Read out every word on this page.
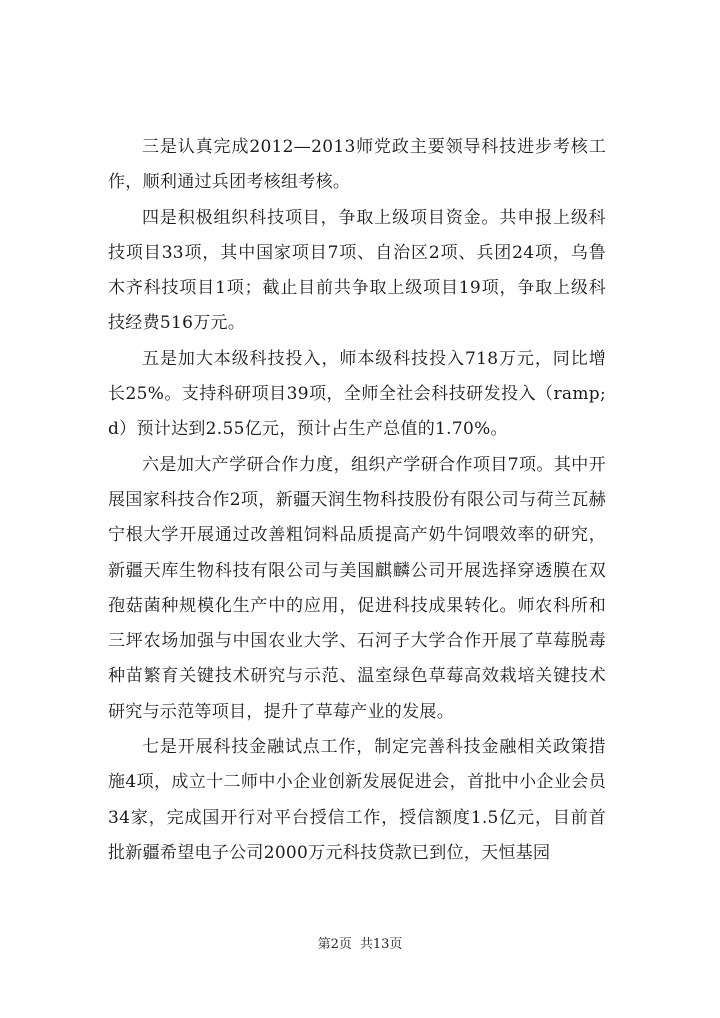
三是认真完成2012—2013师党政主要领导科技进步考核工作，顺利通过兵团考核组考核。

四是积极组织科技项目，争取上级项目资金。共申报上级科技项目33项，其中国家项目7项、自治区2项、兵团24项，乌鲁木齐科技项目1项；截止目前共争取上级项目19项，争取上级科技经费516万元。

五是加大本级科技投入，师本级科技投入718万元，同比增长25%。支持科研项目39项，全师全社会科技研发投入（ramp;d）预计达到2.55亿元，预计占生产总值的1.70%。

六是加大产学研合作力度，组织产学研合作项目7项。其中开展国家科技合作2项，新疆天润生物科技股份有限公司与荷兰瓦赫宁根大学开展通过改善粗饲料品质提高产奶牛饲喂效率的研究，新疆天库生物科技有限公司与美国麒麟公司开展选择穿透膜在双孢菇菌种规模化生产中的应用，促进科技成果转化。师农科所和三坪农场加强与中国农业大学、石河子大学合作开展了草莓脱毒种苗繁育关键技术研究与示范、温室绿色草莓高效栽培关键技术研究与示范等项目，提升了草莓产业的发展。

七是开展科技金融试点工作，制定完善科技金融相关政策措施4项，成立十二师中小企业创新发展促进会，首批中小企业会员34家，完成国开行对平台授信工作，授信额度1.5亿元，目前首批新疆希望电子公司2000万元科技贷款已到位，天恒基园

第2页 共13页
